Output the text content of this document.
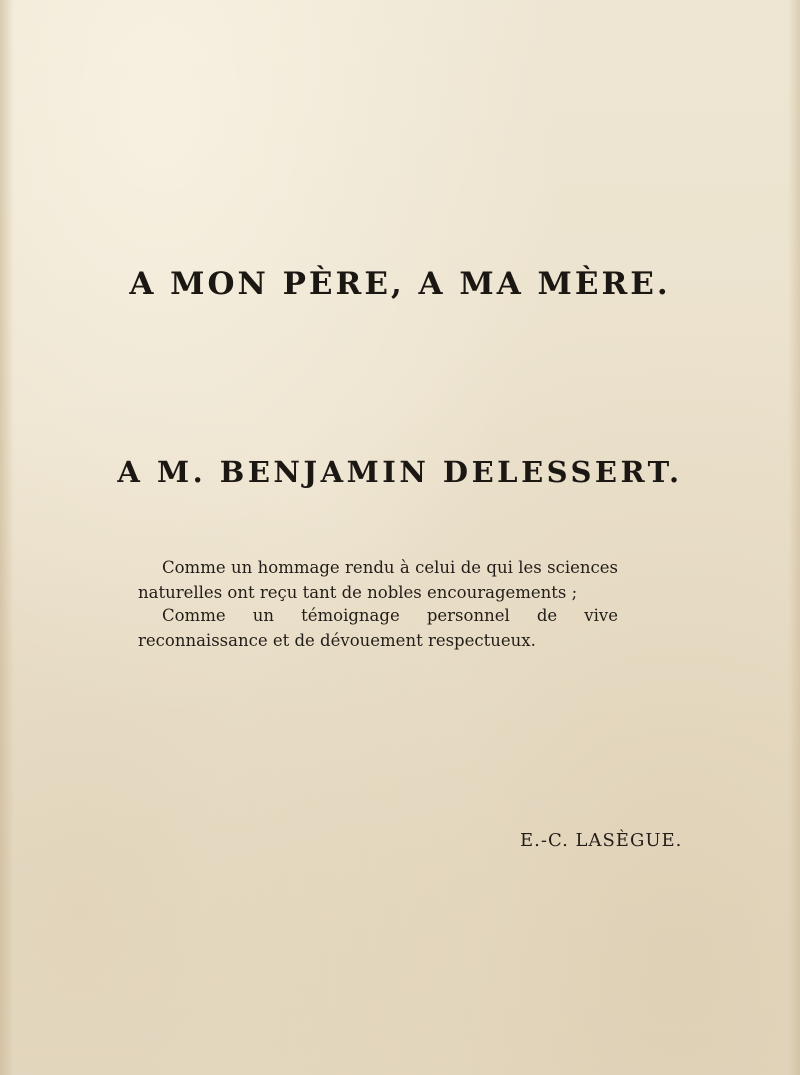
A MON PÈRE, A MA MÈRE.
A M. BENJAMIN DELESSERT.
Comme un hommage rendu à celui de qui les sciences naturelles ont reçu tant de nobles encouragements ;
Comme un témoignage personnel de vive reconnaissance et de dévouement respectueux.
E.-C. LASÈGUE.
